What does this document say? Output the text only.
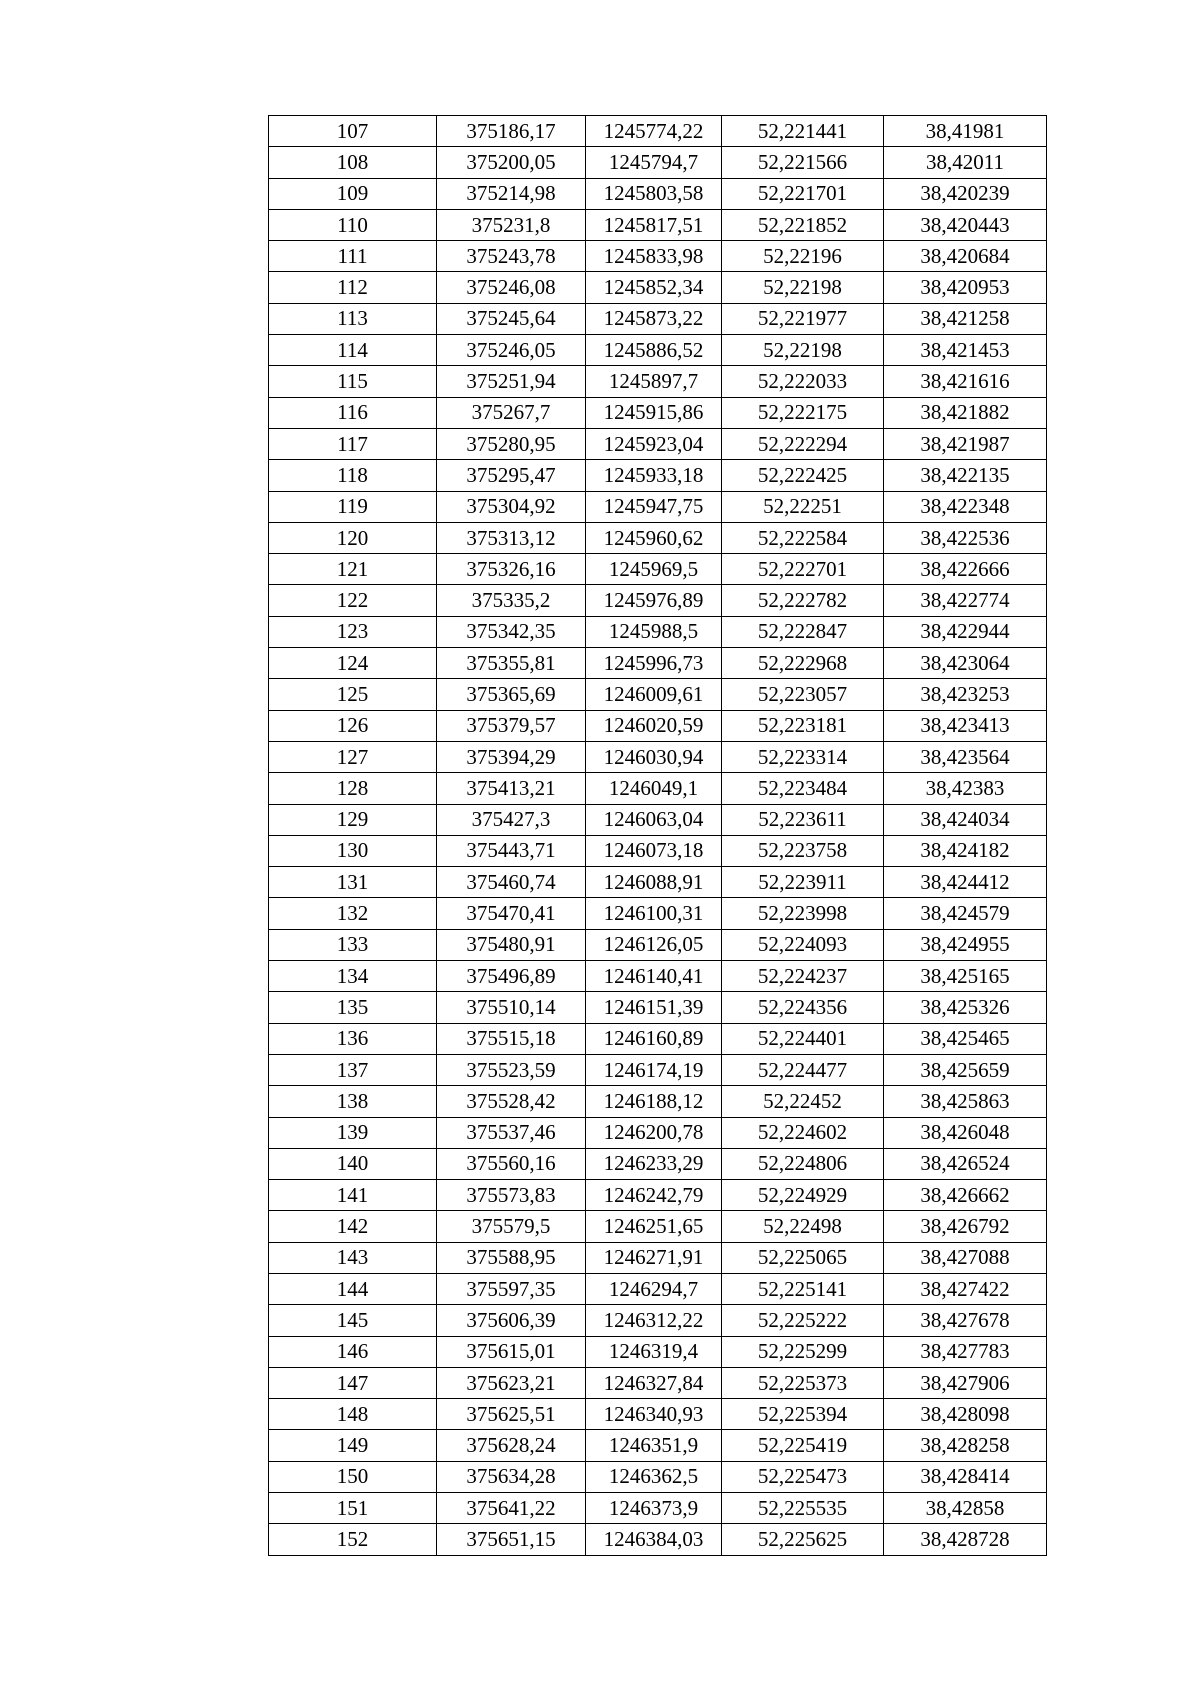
107	375186,17	1245774,22	52,221441	38,41981
108	375200,05	1245794,7	52,221566	38,42011
109	375214,98	1245803,58	52,221701	38,420239
110	375231,8	1245817,51	52,221852	38,420443
111	375243,78	1245833,98	52,22196	38,420684
112	375246,08	1245852,34	52,22198	38,420953
113	375245,64	1245873,22	52,221977	38,421258
114	375246,05	1245886,52	52,22198	38,421453
115	375251,94	1245897,7	52,222033	38,421616
116	375267,7	1245915,86	52,222175	38,421882
117	375280,95	1245923,04	52,222294	38,421987
118	375295,47	1245933,18	52,222425	38,422135
119	375304,92	1245947,75	52,22251	38,422348
120	375313,12	1245960,62	52,222584	38,422536
121	375326,16	1245969,5	52,222701	38,422666
122	375335,2	1245976,89	52,222782	38,422774
123	375342,35	1245988,5	52,222847	38,422944
124	375355,81	1245996,73	52,222968	38,423064
125	375365,69	1246009,61	52,223057	38,423253
126	375379,57	1246020,59	52,223181	38,423413
127	375394,29	1246030,94	52,223314	38,423564
128	375413,21	1246049,1	52,223484	38,42383
129	375427,3	1246063,04	52,223611	38,424034
130	375443,71	1246073,18	52,223758	38,424182
131	375460,74	1246088,91	52,223911	38,424412
132	375470,41	1246100,31	52,223998	38,424579
133	375480,91	1246126,05	52,224093	38,424955
134	375496,89	1246140,41	52,224237	38,425165
135	375510,14	1246151,39	52,224356	38,425326
136	375515,18	1246160,89	52,224401	38,425465
137	375523,59	1246174,19	52,224477	38,425659
138	375528,42	1246188,12	52,22452	38,425863
139	375537,46	1246200,78	52,224602	38,426048
140	375560,16	1246233,29	52,224806	38,426524
141	375573,83	1246242,79	52,224929	38,426662
142	375579,5	1246251,65	52,22498	38,426792
143	375588,95	1246271,91	52,225065	38,427088
144	375597,35	1246294,7	52,225141	38,427422
145	375606,39	1246312,22	52,225222	38,427678
146	375615,01	1246319,4	52,225299	38,427783
147	375623,21	1246327,84	52,225373	38,427906
148	375625,51	1246340,93	52,225394	38,428098
149	375628,24	1246351,9	52,225419	38,428258
150	375634,28	1246362,5	52,225473	38,428414
151	375641,22	1246373,9	52,225535	38,42858
152	375651,15	1246384,03	52,225625	38,428728
